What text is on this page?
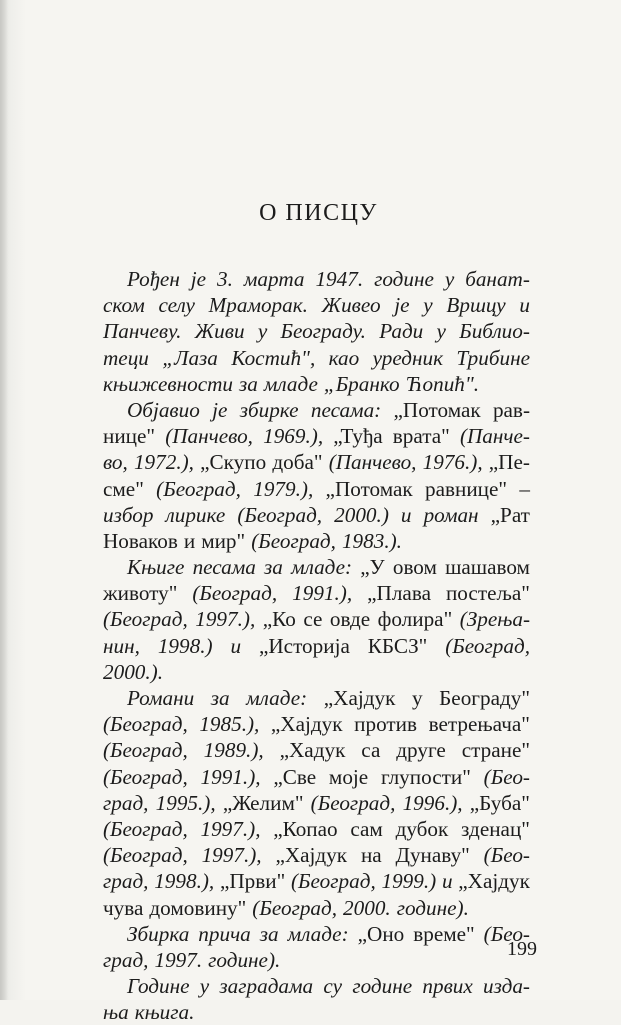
О ПИСЦУ
Рођен је 3. марта 1947. године у банат-
ском селу Мраморак. Живео је у Вршцу и
Панчеву. Живи у Београду. Ради у Библио-
теци „Лаза Костић", као уредник Трибине
књижевности за младе „Бранко Ћопић".
Објавио је збирке песама: „Потомак рав-
нице" (Панчево, 1969.), „Туђа врата" (Панче-
во, 1972.), „Скупо доба" (Панчево, 1976.), „Пе-
сме" (Београд, 1979.), „Потомак равнице" –
избор лирике (Београд, 2000.) и роман „Рат
Новаков и мир" (Београд, 1983.).
Књиге песама за младе: „У овом шашавом
животу" (Београд, 1991.), „Плава постеља"
(Београд, 1997.), „Ко се овде фолира" (Зрења-
нин, 1998.) и „Историја КБСЗ" (Београд,
2000.).
Романи за младе: „Хајдук у Београду"
(Београд, 1985.), „Хајдук против ветрењача"
(Београд, 1989.), „Хадук са друге стране"
(Београд, 1991.), „Све моје глупости" (Бео-
град, 1995.), „Желим" (Београд, 1996.), „Буба"
(Београд, 1997.), „Копао сам дубок зденац"
(Београд, 1997.), „Хајдук на Дунаву" (Бео-
град, 1998.), „Први" (Београд, 1999.) и „Хајдук
чува домовину" (Београд, 2000. године).
Збирка прича за младе: „Оно време" (Бео-
град, 1997. године).
Године у заградама су године првих изда-
ња књига.
199
